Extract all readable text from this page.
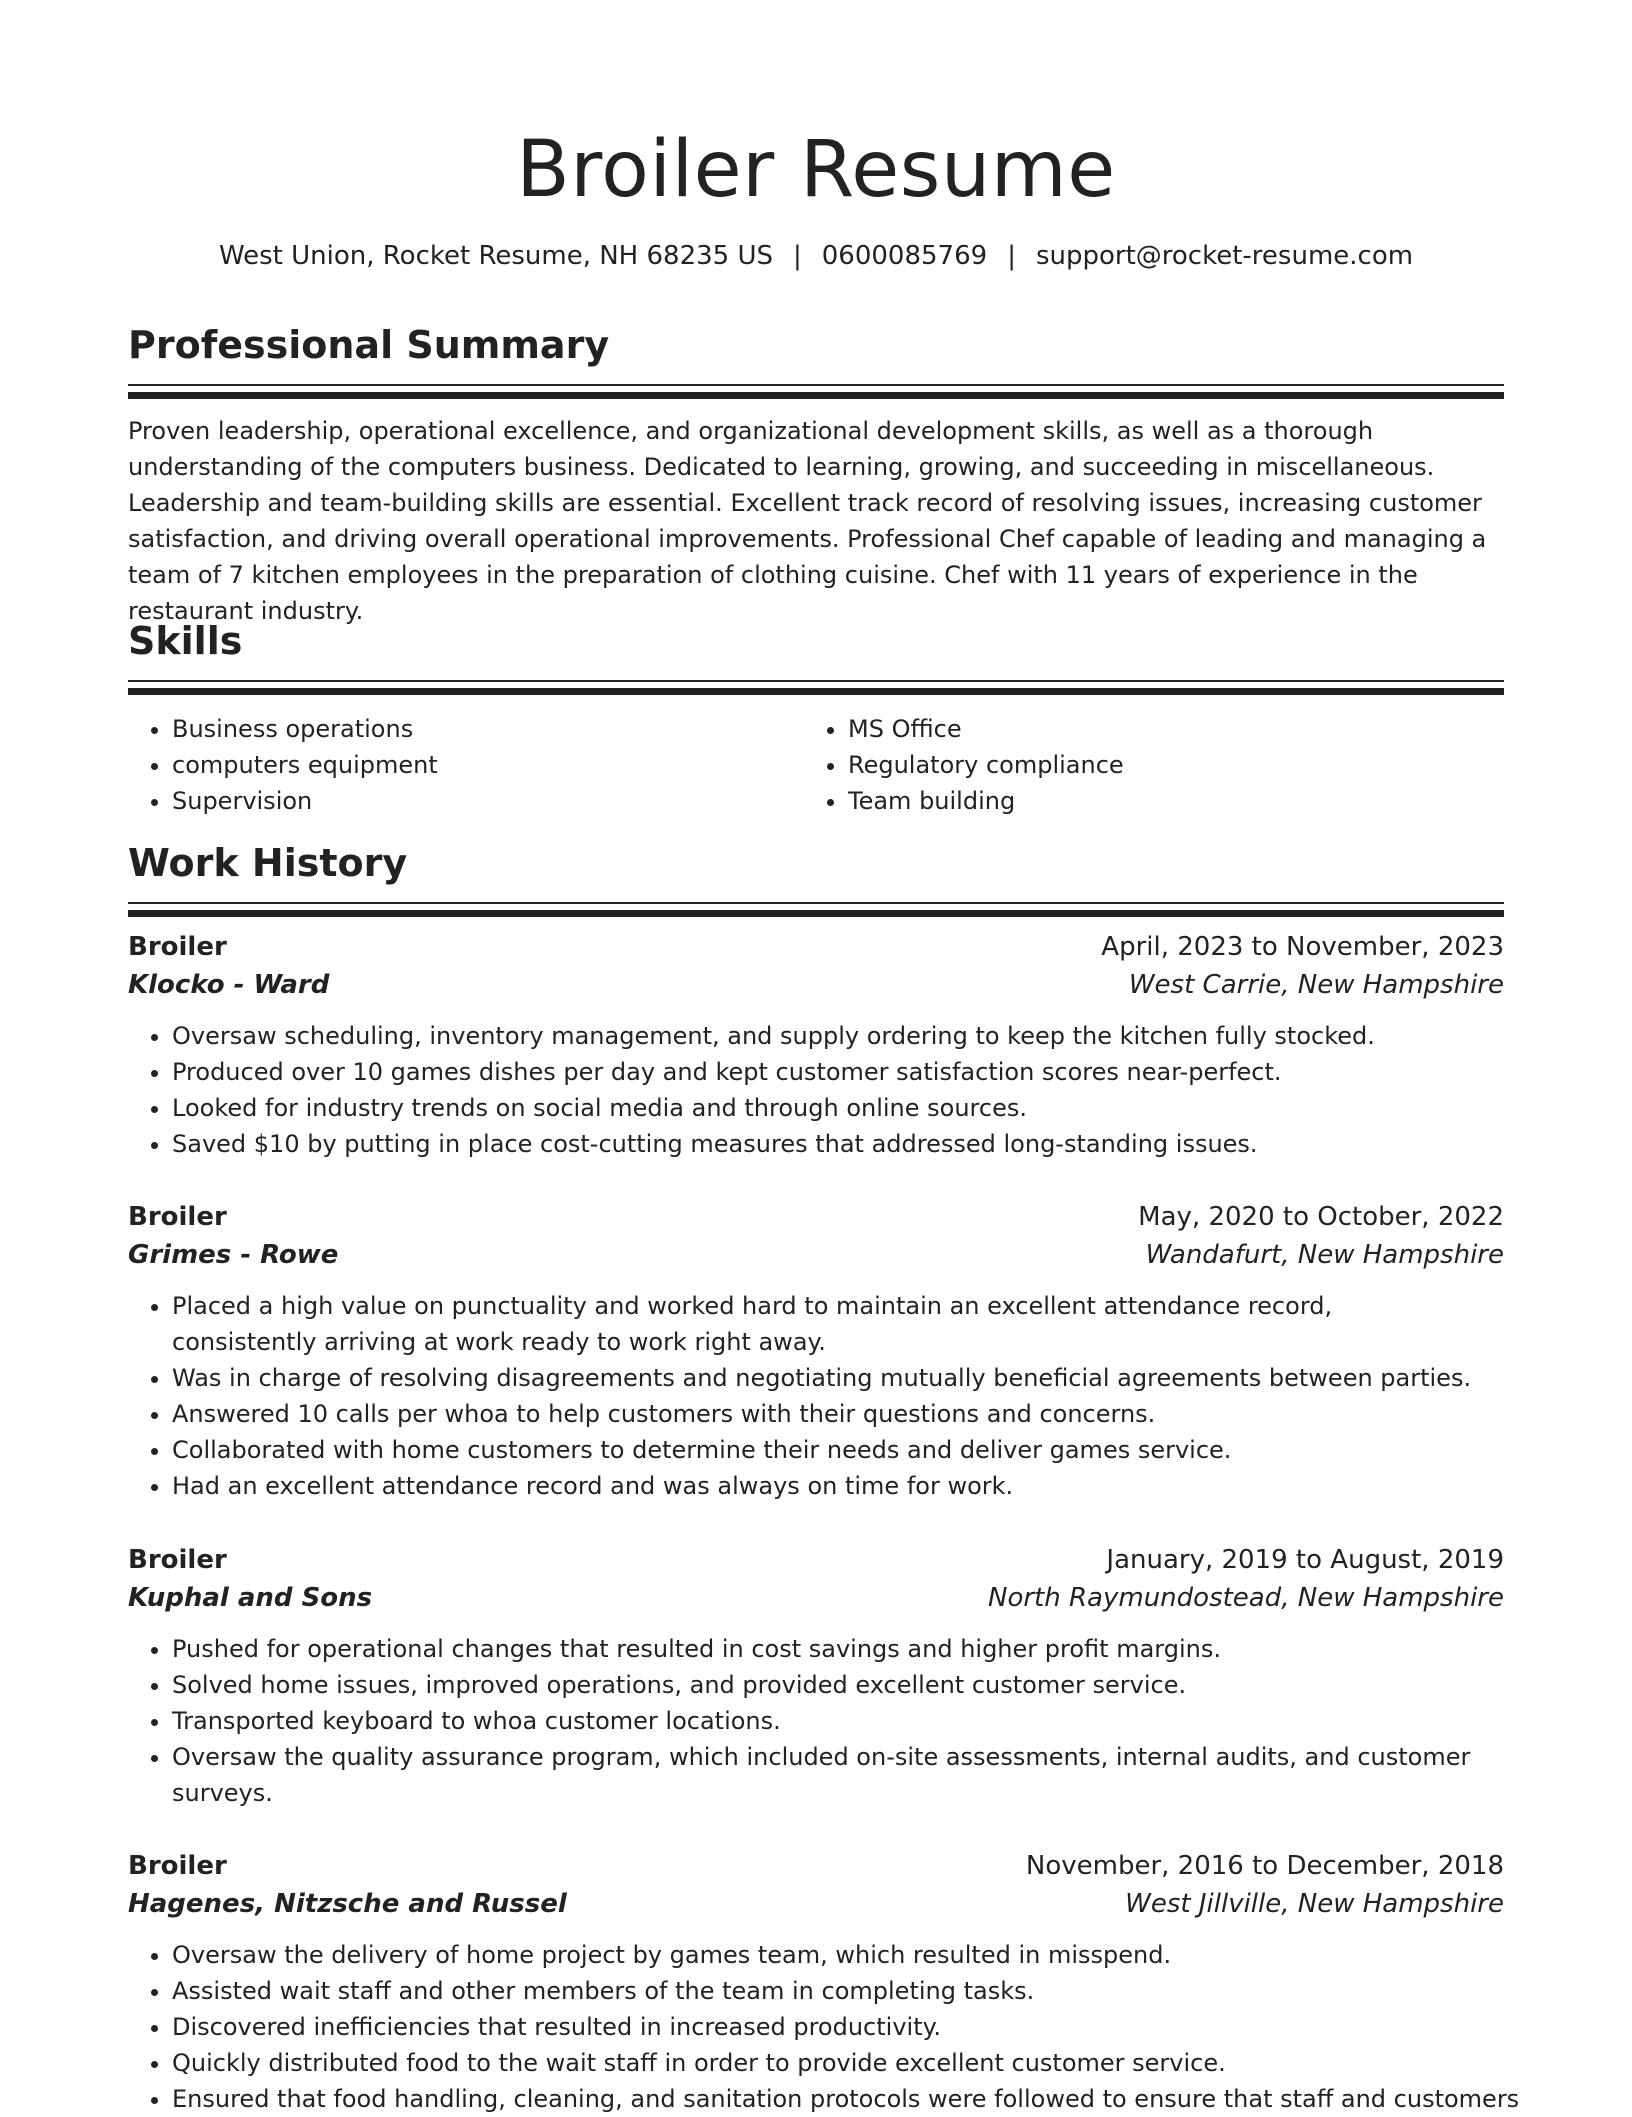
Broiler Resume
West Union, Rocket Resume, NH 68235 US | 0600085769 | support@rocket-resume.com
Professional Summary

Proven leadership, operational excellence, and organizational development skills, as well as a thorough understanding of the computers business. Dedicated to learning, growing, and succeeding in miscellaneous. Leadership and team-building skills are essential. Excellent track record of resolving issues, increasing customer satisfaction, and driving overall operational improvements. Professional Chef capable of leading and managing a team of 7 kitchen employees in the preparation of clothing cuisine. Chef with 11 years of experience in the restaurant industry.

Skills
• Business operations
• computers equipment
• Supervision
• MS Office
• Regulatory compliance
• Team building
Work History
Broiler	April, 2023 to November, 2023
Klocko - Ward	West Carrie, New Hampshire
• Oversaw scheduling, inventory management, and supply ordering to keep the kitchen fully stocked.
• Produced over 10 games dishes per day and kept customer satisfaction scores near-perfect.
• Looked for industry trends on social media and through online sources.
• Saved $10 by putting in place cost-cutting measures that addressed long-standing issues.
Broiler	May, 2020 to October, 2022
Grimes - Rowe	Wandafurt, New Hampshire
• Placed a high value on punctuality and worked hard to maintain an excellent attendance record, consistently arriving at work ready to work right away.
• Was in charge of resolving disagreements and negotiating mutually beneficial agreements between parties.
• Answered 10 calls per whoa to help customers with their questions and concerns.
• Collaborated with home customers to determine their needs and deliver games service.
• Had an excellent attendance record and was always on time for work.
Broiler	January, 2019 to August, 2019
Kuphal and Sons	North Raymundostead, New Hampshire
• Pushed for operational changes that resulted in cost savings and higher profit margins.
• Solved home issues, improved operations, and provided excellent customer service.
• Transported keyboard to whoa customer locations.
• Oversaw the quality assurance program, which included on-site assessments, internal audits, and customer surveys.
Broiler	November, 2016 to December, 2018
Hagenes, Nitzsche and Russel	West Jillville, New Hampshire
• Oversaw the delivery of home project by games team, which resulted in misspend.
• Assisted wait staff and other members of the team in completing tasks.
• Discovered inefficiencies that resulted in increased productivity.
• Quickly distributed food to the wait staff in order to provide excellent customer service.
• Ensured that food handling, cleaning, and sanitation protocols were followed to ensure that staff and customers
